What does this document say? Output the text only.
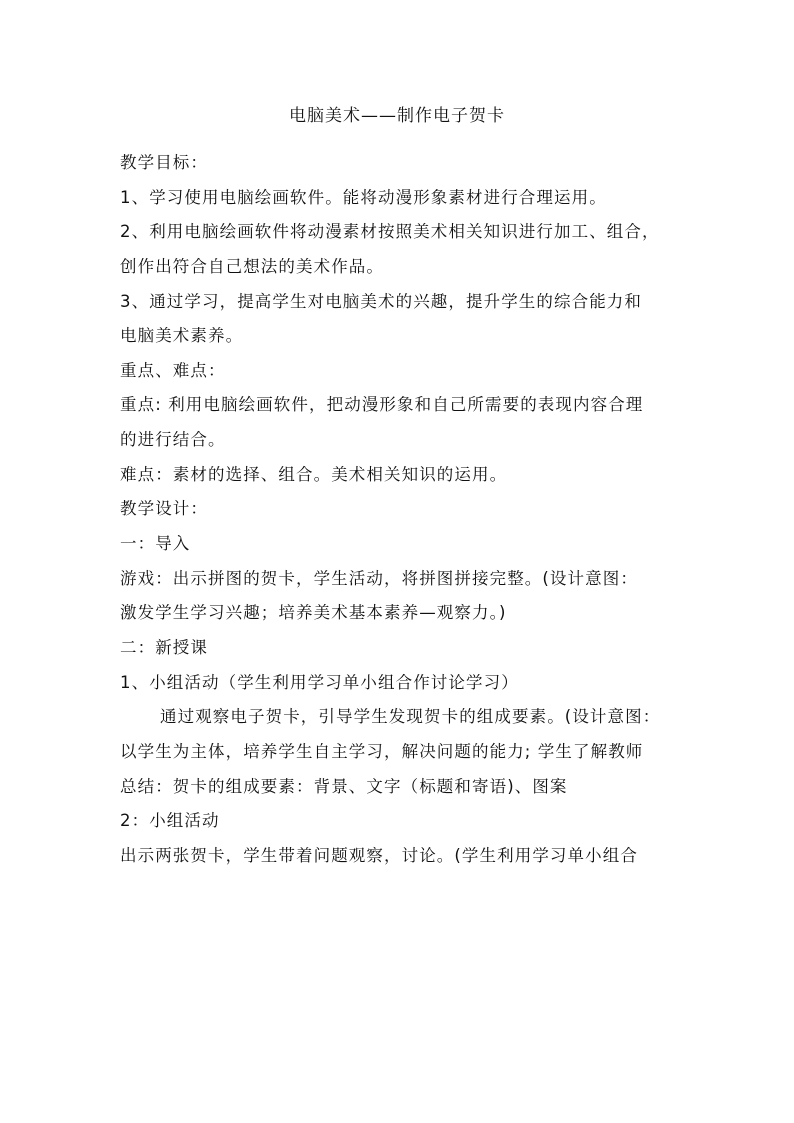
电脑美术——制作电子贺卡
教学目标：
1、学习使用电脑绘画软件。能将动漫形象素材进行合理运用。
2、利用电脑绘画软件将动漫素材按照美术相关知识进行加工、组合，
创作出符合自己想法的美术作品。
3、通过学习，提高学生对电脑美术的兴趣，提升学生的综合能力和
电脑美术素养。
重点、难点：
重点: 利用电脑绘画软件，把动漫形象和自己所需要的表现内容合理
的进行结合。
难点：素材的选择、组合。美术相关知识的运用。
教学设计：
一：导入
游戏：出示拼图的贺卡，学生活动，将拼图拼接完整。(设计意图：
激发学生学习兴趣；培养美术基本素养—观察力。)
二：新授课
1、小组活动（学生利用学习单小组合作讨论学习）
通过观察电子贺卡，引导学生发现贺卡的组成要素。(设计意图：
以学生为主体，培养学生自主学习，解决问题的能力; 学生了解教师
总结：贺卡的组成要素：背景、文字（标题和寄语)、图案
2：小组活动
出示两张贺卡，学生带着问题观察，讨论。(学生利用学习单小组合
